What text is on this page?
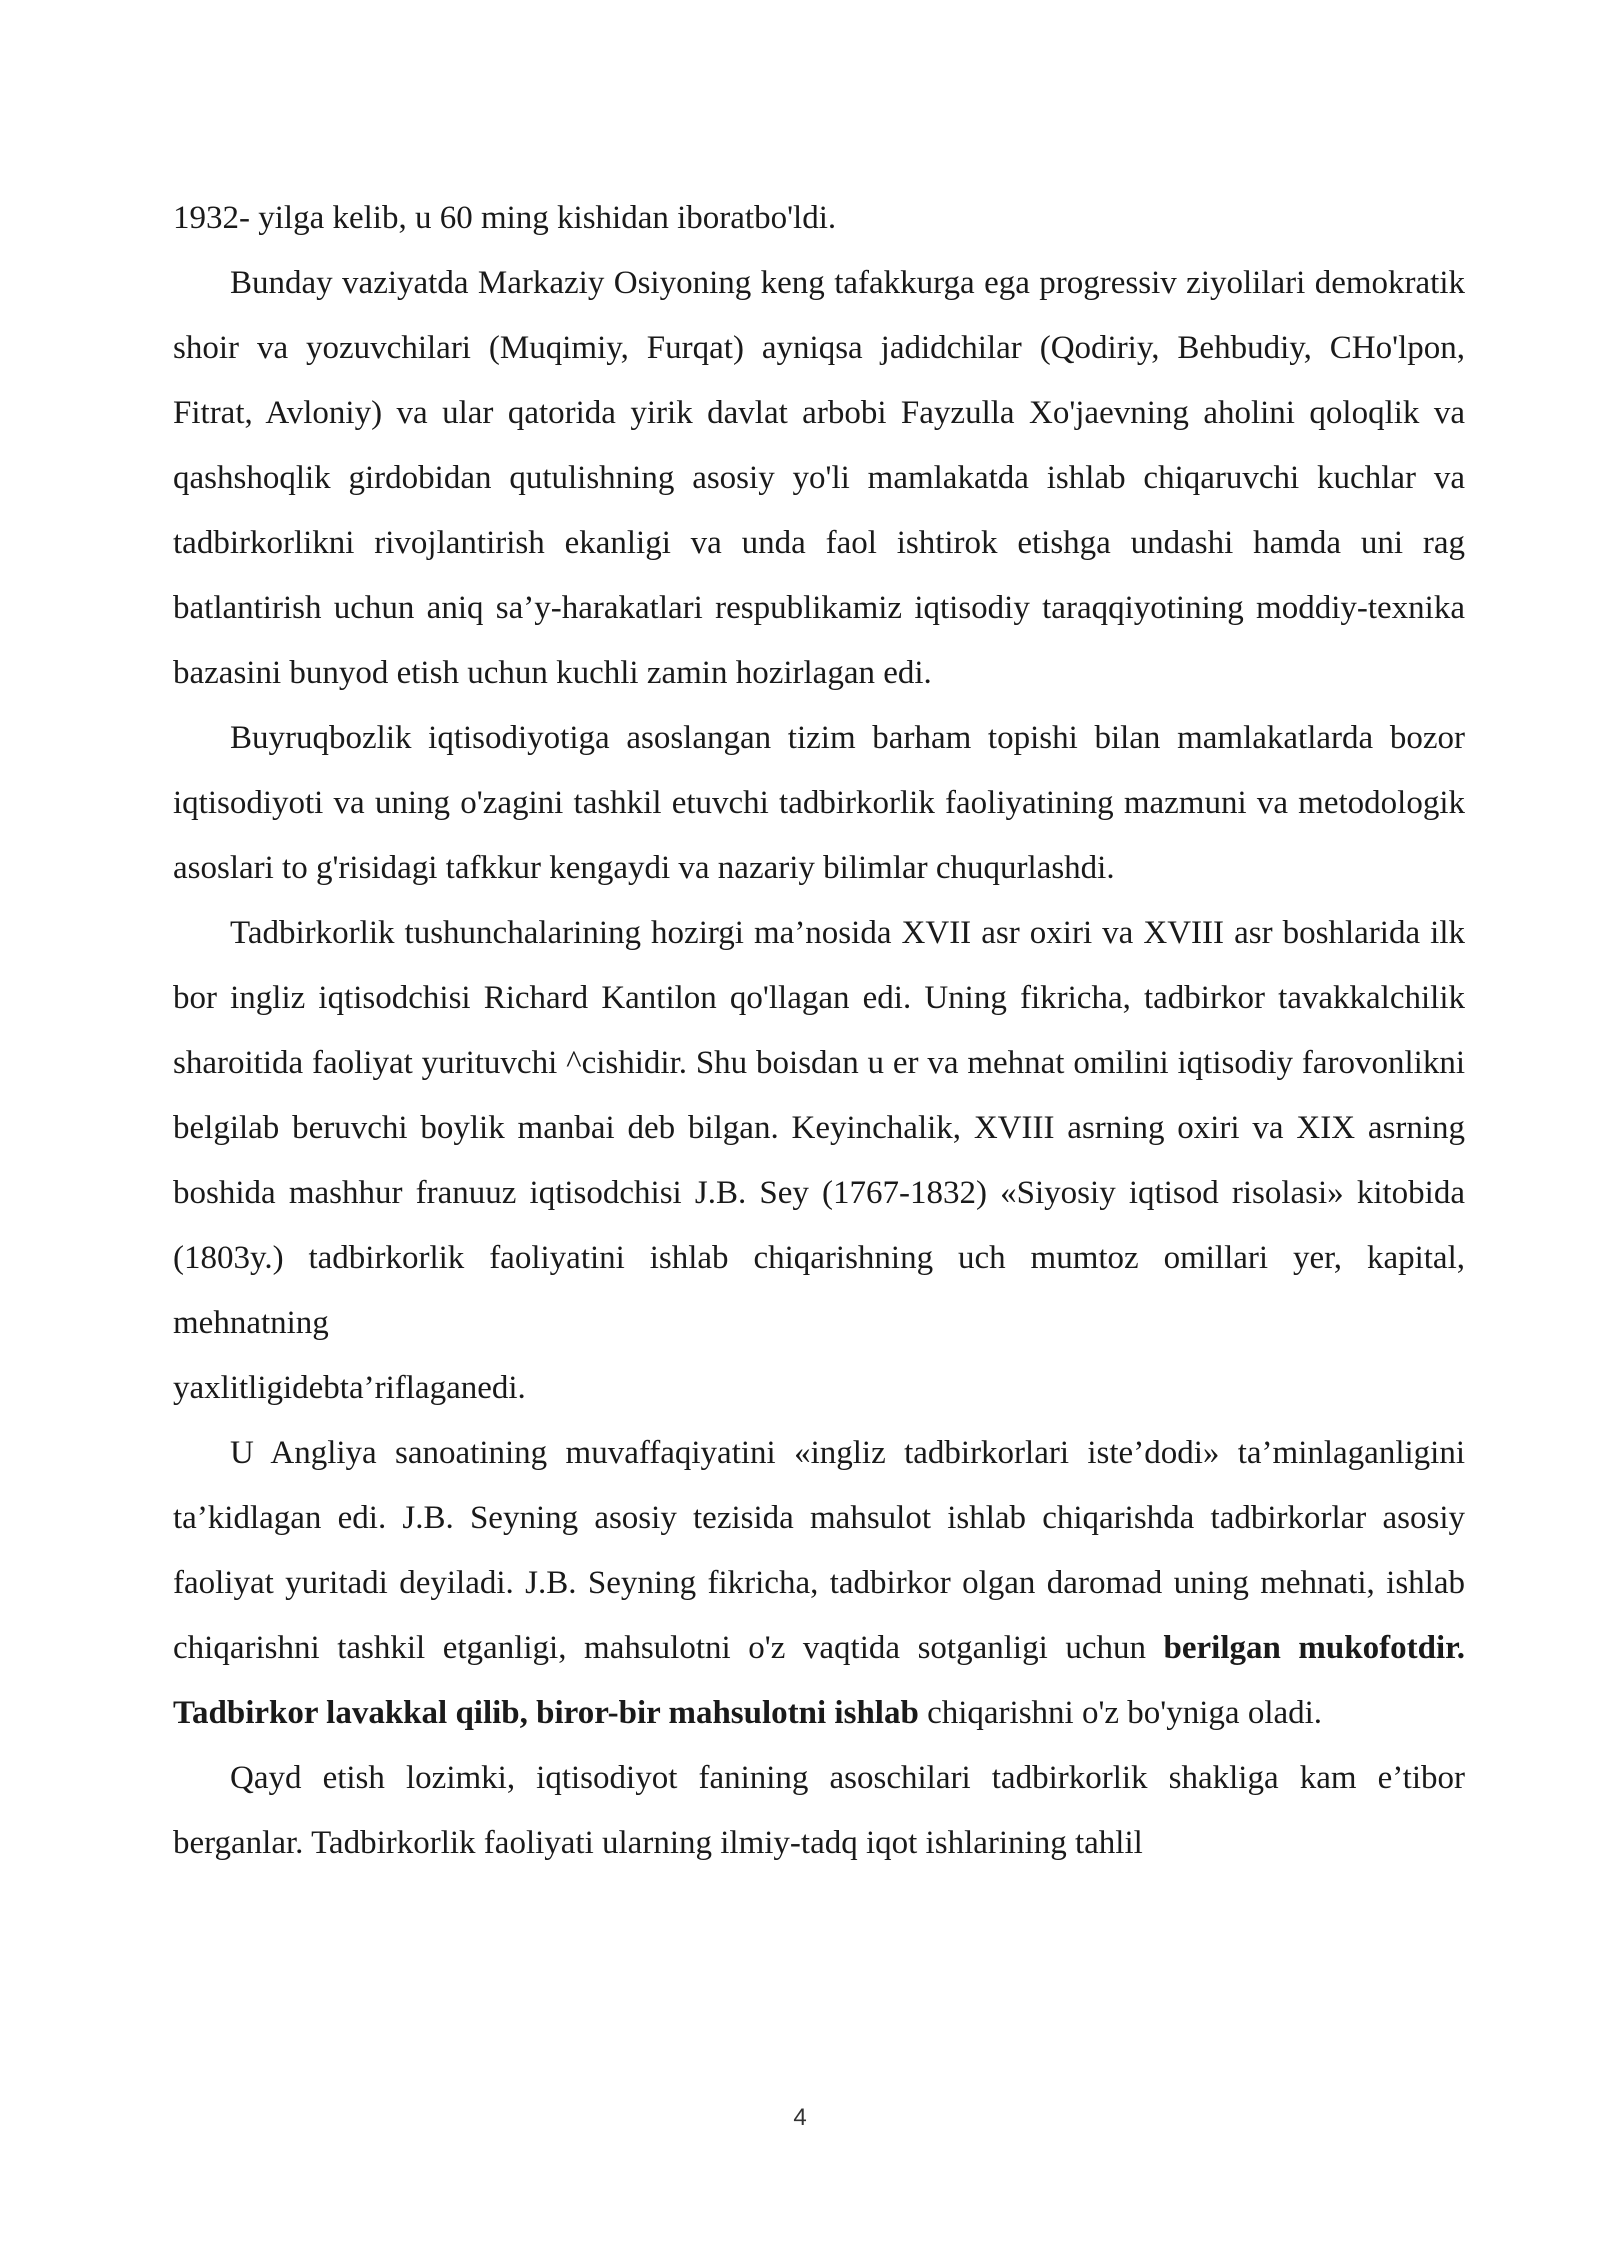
1932- yilga kelib, u 60 ming kishidan iboratbo'ldi.

Bunday vaziyatda Markaziy Osiyoning keng tafakkurga ega progressiv ziyolilari demokratik shoir va yozuvchilari (Muqimiy, Furqat) ayniqsa jadidchilar (Qodiriy, Behbudiy, CHo'lpon, Fitrat, Avloniy) va ular qatorida yirik davlat arbobi Fayzulla Xo'jaevning aholini qoloqlik va qashshoqlik girdobidan qutulishning asosiy yo'li mamlakatda ishlab chiqaruvchi kuchlar va tadbirkorlikni rivojlantirish ekanligi va unda faol ishtirok etishga undashi hamda uni rag batlantirish uchun aniq sa’y-harakatlari respublikamiz iqtisodiy taraqqiyotining moddiy-texnika bazasini bunyod etish uchun kuchli zamin hozirlagan edi.

Buyruqbozlik iqtisodiyotiga asoslangan tizim barham topishi bilan mamlakatlarda bozor iqtisodiyoti va uning o'zagini tashkil etuvchi tadbirkorlik faoliyatining mazmuni va metodologik asoslari to g'risidagi tafkkur kengaydi va nazariy bilimlar chuqurlashdi.

Tadbirkorlik tushunchalarining hozirgi ma’nosida XVII asr oxiri va XVIII asr boshlarida ilk bor ingliz iqtisodchisi Richard Kantilon qo'llagan edi. Uning fikricha, tadbirkor tavakkalchilik sharoitida faoliyat yurituvchi ^cishidir. Shu boisdan u er va mehnat omilini iqtisodiy farovonlikni belgilab beruvchi boylik manbai deb bilgan. Keyinchalik, XVIII asrning oxiri va XIX asrning boshida mashhur franuuz iqtisodchisi J.B. Sey (1767-1832) «Siyosiy iqtisod risolasi» kitobida (1803y.) tadbirkorlik faoliyatini ishlab chiqarishning uch mumtoz omillari yer, kapital, mehnatning

yaxlitligidebta’riflaganedi.

U Angliya sanoatining muvaffaqiyatini «ingliz tadbirkorlari iste’dodi» ta’minlaganligini ta’kidlagan edi. J.B. Seyning asosiy tezisida mahsulot ishlab chiqarishda tadbirkorlar asosiy faoliyat yuritadi deyiladi. J.B. Seyning fikricha, tadbirkor olgan daromad uning mehnati, ishlab chiqarishni tashkil etganligi, mahsulotni o'z vaqtida sotganligi uchun berilgan mukofotdir. Tadbirkor lavakkal qilib, biror-bir mahsulotni ishlab chiqarishni o'z bo'yniga oladi.

Qayd etish lozimki, iqtisodiyot fanining asoschilari tadbirkorlik shakliga kam e’tibor berganlar. Tadbirkorlik faoliyati ularning ilmiy-tadq iqot ishlarining tahlil

4
